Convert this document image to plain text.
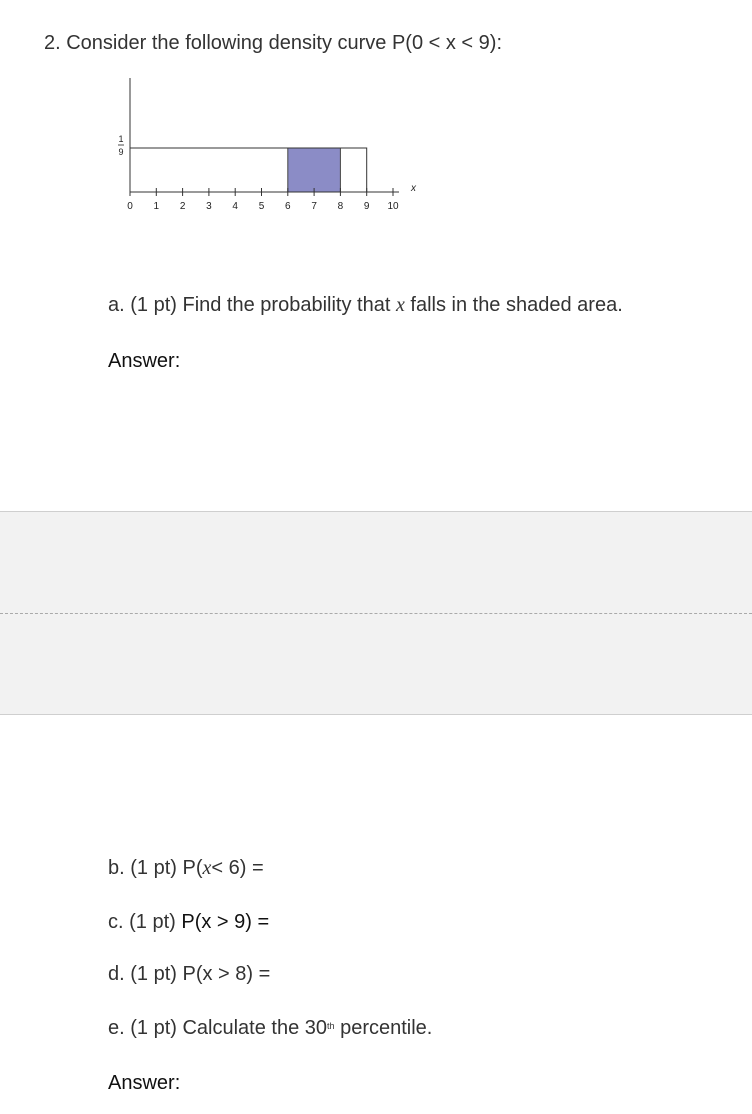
2. Consider the following density curve P(0 < x < 9):
0 1 2 3 4 5 6 7 8 9 10
x
1
9
a. (1 pt) Find the probability that x falls in the shaded area.
Answer:
b. (1 pt) P(x< 6) =
c. (1 pt) P(x > 9) =
d. (1 pt) P(x > 8) =
e. (1 pt) Calculate the 30th percentile.
Answer:
